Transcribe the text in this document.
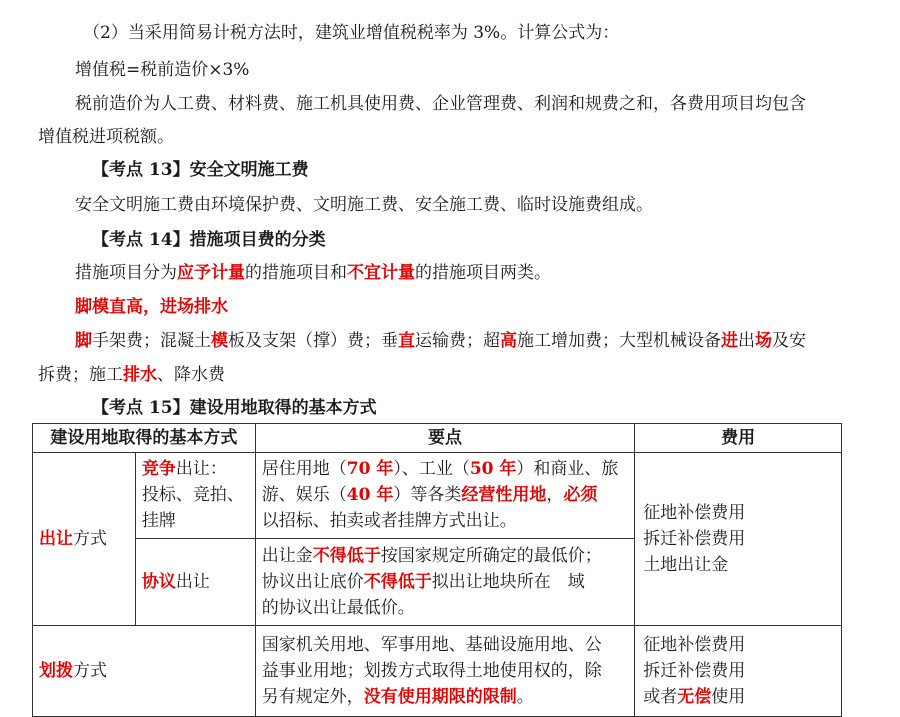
（2）当采用简易计税方法时，建筑业增值税税率为 3%。计算公式为：
增值税=税前造价×3%
税前造价为人工费、材料费、施工机具使用费、企业管理费、利润和规费之和，各费用项目均包含
增值税进项税额。
【考点 13】安全文明施工费
安全文明施工费由环境保护费、文明施工费、安全施工费、临时设施费组成。
【考点 14】措施项目费的分类
措施项目分为应予计量的措施项目和不宜计量的措施项目两类。
脚模直高，进场排水
脚手架费；混凝土模板及支架（撑）费；垂直运输费；超高施工增加费；大型机械设备进出场及安
拆费；施工排水、降水费
【考点 15】建设用地取得的基本方式
建设用地取得的基本方式		要点	费用
出让方式	竞争出让：
投标、竞拍、
挂牌	居住用地（70 年）、工业（50 年）和商业、旅
游、娱乐（40 年）等各类经营性用地，必须
以招标、拍卖或者挂牌方式出让。	征地补偿费用
拆迁补偿费用
土地出让金

	协议出让	出让金不得低于按国家规定所确定的最低价；
协议出让底价不得低于拟出让地块所在　域
的协议出让最低价。	

划拨方式		国家机关用地、军事用地、基础设施用地、公
益事业用地；划拨方式取得土地使用权的，除
另有规定外，没有使用期限的限制。	征地补偿费用
拆迁补偿费用
或者无偿使用
